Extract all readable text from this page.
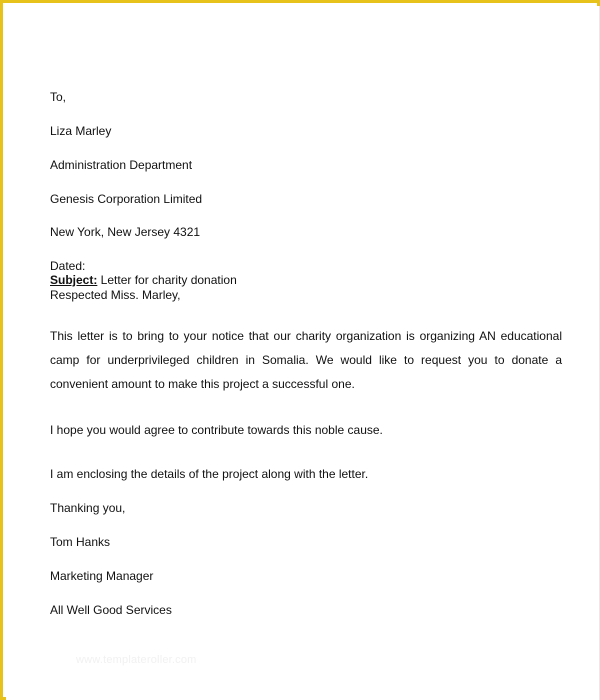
To,
Liza Marley
Administration Department
Genesis Corporation Limited
New York, New Jersey 4321
Dated:
Subject: Letter for charity donation
Respected Miss. Marley,
This letter is to bring to your notice that our charity organization is organizing AN educational camp for underprivileged children in Somalia. We would like to request you to donate a convenient amount to make this project a successful one.
I hope you would agree to contribute towards this noble cause.
I am enclosing the details of the project along with the letter.
Thanking you,
Tom Hanks
Marketing Manager
All Well Good Services
www.templateroller.com
